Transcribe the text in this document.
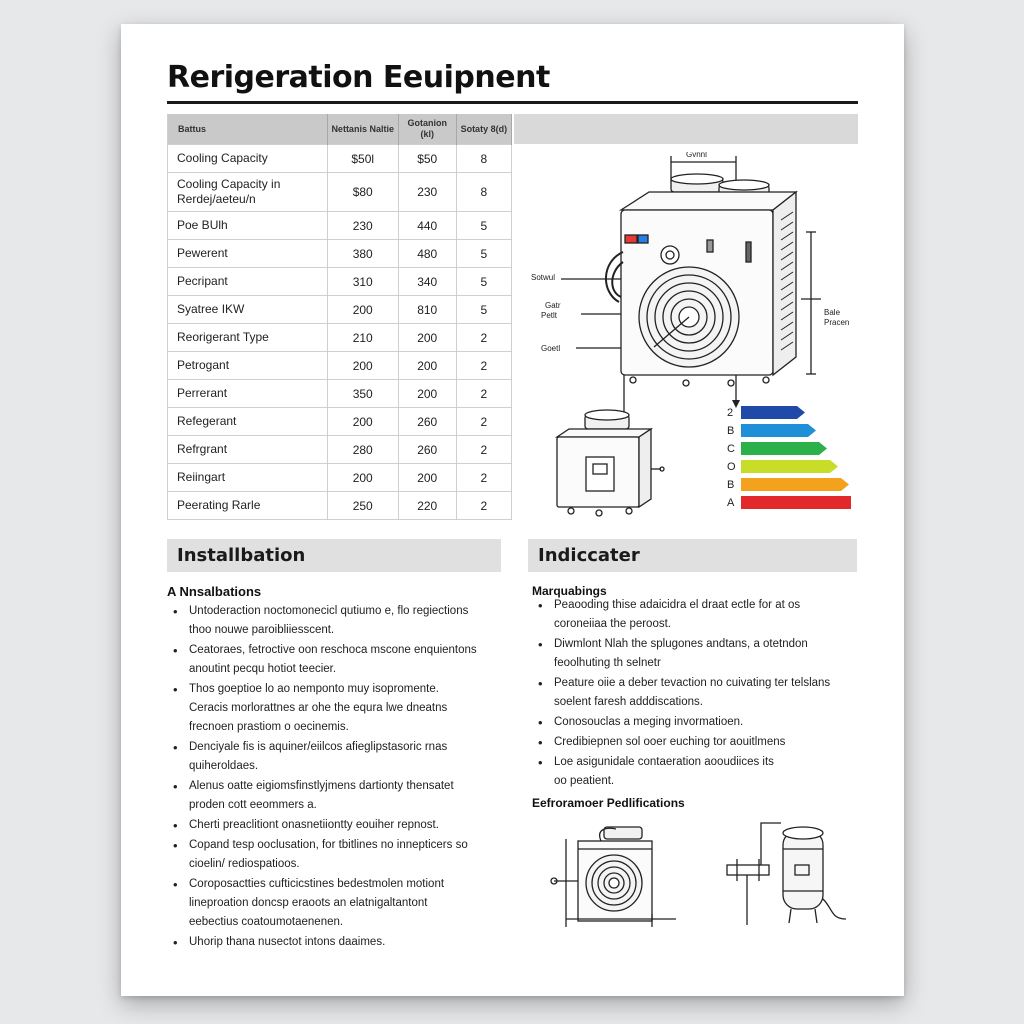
Rerigeration Eeuipnent
Battus	Nettanis Naltie	Gotanion (kl)	Sotaty 8(d)
Cooling Capacity	$50l	$50	8
Cooling Capacity in Rerdej/aeteu/n	$80	230	8
Poe BUlh	230	440	5
Pewerent	380	480	5
Pecripant	310	340	5
Syatree IKW	200	810	5
Reorigerant Type	210	200	2
Petrogant	200	200	2
Perrerant	350	200	2
Refegerant	200	260	2
Refrgrant	280	260	2
Reiingart	200	200	2
Peerating Rarle	250	220	2
Gvnnl
Sotwul
Gatr
Petlt
Goetl
Bale
Pracen
2
B
C
O
B
A
Installbation
A Nnsalbations
• Untoderaction noctomonecicl qutiumo e, flo regiections
thoo nouwe paroibliiesscent.
• Ceatoraes, fetroctive oon reschoca mscone enquientons
anoutint pecqu hotiot teecier.
• Thos goeptioe lo ao nemponto muy isopromente.
Ceracis morlorattnes ar ohe the equra lwe dneatns
frecnoen prastiom o oecinemis.
• Denciyale fis is aquiner/eiilcos afieglipstasoric rnas
quiheroldaes.
• Alenus oatte eigiomsfinstlyjmens dartionty thensatet
proden cott eeommers a.
• Cherti preaclitiont onasnetiiontty eouiher repnost.
• Copand tesp ooclusation, for tbitlines no innepticers so
cioelin/ rediospatioos.
• Coroposactties cufticicstines bedestmolen motiont
lineproation doncsp eraoots an elatnigaltantont
eebectius coatoumotaenenen.
• Uhorip thana nusectot intons daaimes.
Indiccater
Marquabings
• Peaooding thise adaicidra el draat ectle for at os
coroneiiaa the peroost.
• Diwmlont Nlah the splugones andtans, a otetndon
feoolhuting th selnetr
• Peature oiie a deber tevaction no cuivating ter telslans
soelent faresh adddiscations.
• Conosouclas a meging invormatioen.
• Credibiepnen sol ooer euching tor aouitlmens
• Loe asigunidale contaeration aooudiices its
oo peatient.
Eefroramoer Pedlifications
